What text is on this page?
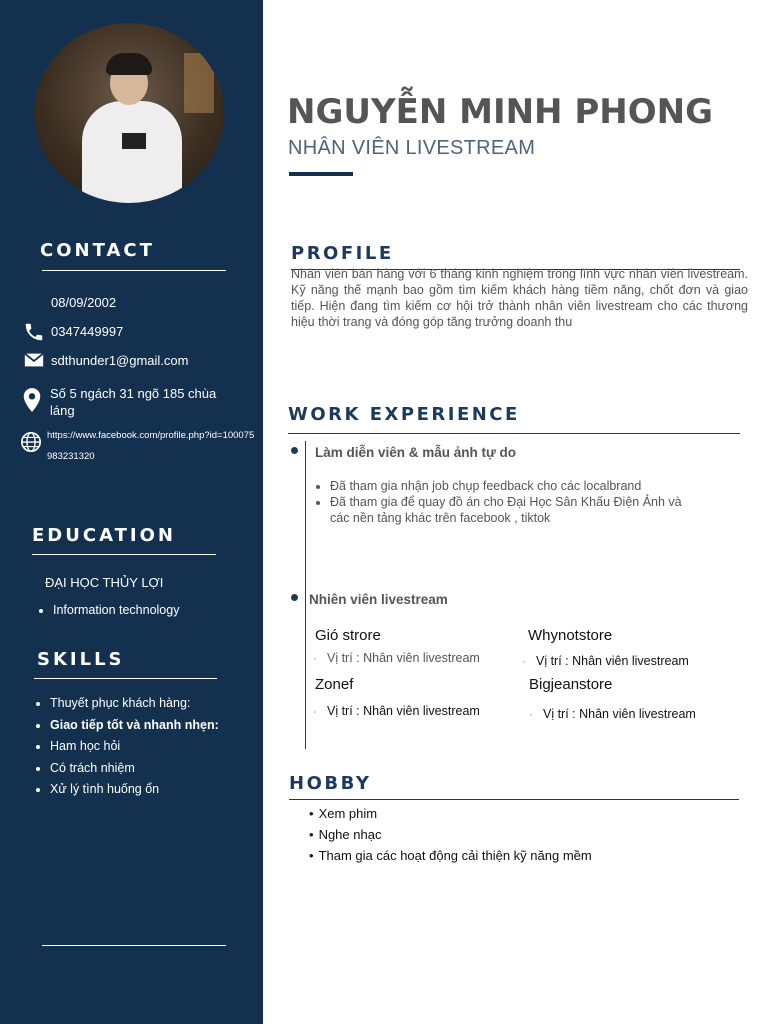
CONTACT
08/09/2002
0347449997
sdthunder1@gmail.com
Số 5 ngách 31 ngõ 185 chùa láng
https://www.facebook.com/profile.php?id=100075983231320
EDUCATION
ĐẠI HỌC THỦY LỢI
• Information technology
SKILLS
• Thuyết phục khách hàng:
• Giao tiếp tốt và nhanh nhẹn:
• Ham học hỏi
• Có trách nhiệm
• Xử lý tình huống ổn
NGUYỄN MINH PHONG
NHÂN VIÊN LIVESTREAM
PROFILE
Nhân viên bán hàng với 6 tháng kinh nghiệm trong lĩnh vực nhân viên livestream. Kỹ năng thế mạnh bao gồm tìm kiếm khách hàng tiềm năng, chốt đơn và giao tiếp. Hiện đang tìm kiếm cơ hội trở thành nhân viên livestream cho các thương hiệu thời trang và đóng góp tăng trưởng doanh thu
WORK EXPERIENCE
Làm diễn viên & mẫu ảnh tự do
• Đã tham gia nhận job chụp feedback cho các localbrand
• Đã tham gia để quay đồ án cho Đại Học Sân Khấu Điện Ảnh và các nền tảng khác trên facebook , tiktok
Nhiên viên livestream
Gió strore
◦ Vị trí : Nhân viên livestream
Whynotstore
◦ Vị trí : Nhân viên livestream
Zonef
◦ Vị trí : Nhân viên livestream
Bigjeanstore
◦ Vị trí : Nhân viên livestream
HOBBY
• Xem phim
• Nghe nhạc
• Tham gia các hoạt động cải thiện kỹ năng mềm
